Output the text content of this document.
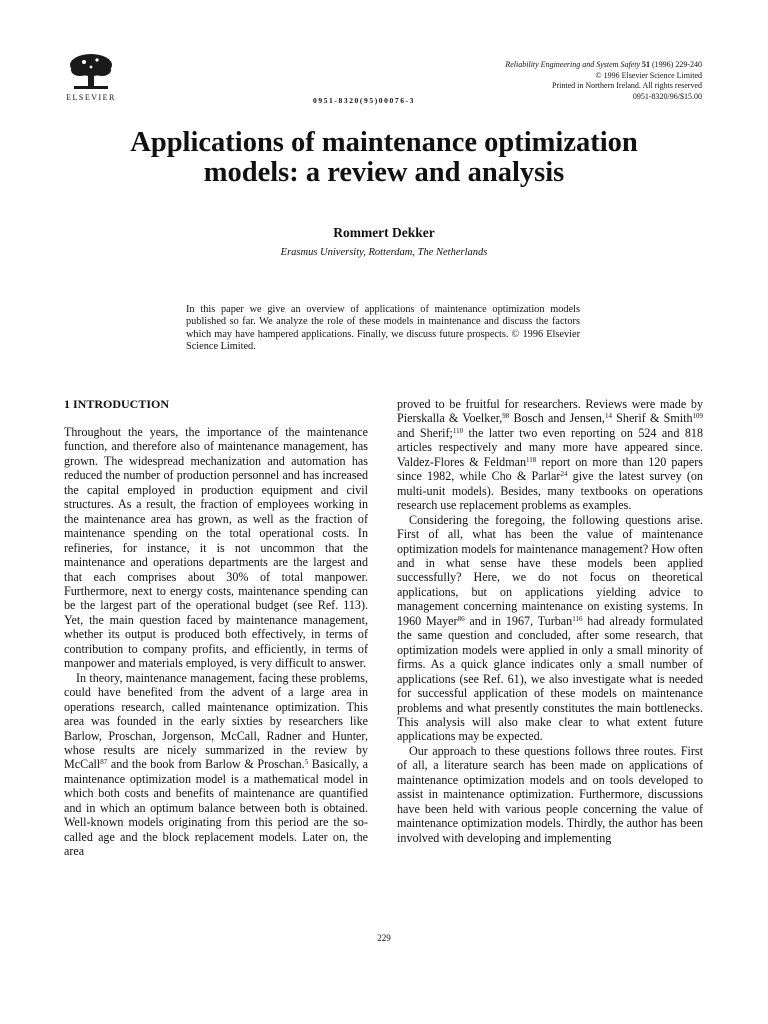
ELSEVIER	0951-8320(95)00076-3
Reliability Engineering and System Safety 51 (1996) 229-240
© 1996 Elsevier Science Limited
Printed in Northern Ireland. All rights reserved
0951-8320/96/$15.00
Applications of maintenance optimization
models: a review and analysis
Rommert Dekker
Erasmus University, Rotterdam, The Netherlands
In this paper we give an overview of applications of maintenance optimization models published so far. We analyze the role of these models in maintenance and discuss the factors which may have hampered applications. Finally, we discuss future prospects. © 1996 Elsevier Science Limited.
1 INTRODUCTION

Throughout the years, the importance of the maintenance function, and therefore also of maintenance management, has grown. The widespread mechanization and automation has reduced the number of production personnel and has increased the capital employed in production equipment and civil structures. As a result, the fraction of employees working in the maintenance area has grown, as well as the fraction of maintenance spending on the total operational costs. In refineries, for instance, it is not uncommon that the maintenance and operations departments are the largest and that each comprises about 30% of total manpower. Furthermore, next to energy costs, maintenance spending can be the largest part of the operational budget (see Ref. 113). Yet, the main question faced by maintenance management, whether its output is produced both effectively, in terms of contribution to company profits, and efficiently, in terms of manpower and materials employed, is very difficult to answer.

In theory, maintenance management, facing these problems, could have benefited from the advent of a large area in operations research, called maintenance optimization. This area was founded in the early sixties by researchers like Barlow, Proschan, Jorgenson, McCall, Radner and Hunter, whose results are nicely summarized in the review by McCall$^{87}$ and the book from Barlow & Proschan.$^5$ Basically, a maintenance optimization model is a mathematical model in which both costs and benefits of maintenance are quantified and in which an optimum balance between both is obtained. Well-known models originating from this period are the so-called age and the block replacement models. Later on, the area

proved to be fruitful for researchers. Reviews were made by Pierskalla & Voelker,$^{98}$ Bosch and Jensen,$^{14}$ Sherif & Smith$^{109}$ and Sherif;$^{110}$ the latter two even reporting on 524 and 818 articles respectively and many more have appeared since. Valdez-Flores & Feldman$^{118}$ report on more than 120 papers since 1982, while Cho & Parlar$^{24}$ give the latest survey (on multi-unit models). Besides, many textbooks on operations research use replacement problems as examples.

Considering the foregoing, the following questions arise. First of all, what has been the value of maintenance optimization models for maintenance management? How often and in what sense have these models been applied successfully? Here, we do not focus on theoretical applications, but on applications yielding advice to management concerning maintenance on existing systems. In 1960 Mayer$^{86}$ and in 1967, Turban$^{116}$ had already formulated the same question and concluded, after some research, that optimization models were applied in only a small minority of firms. As a quick glance indicates only a small number of applications (see Ref. 61), we also investigate what is needed for successful application of these models on maintenance problems and what presently constitutes the main bottlenecks. This analysis will also make clear to what extent future applications may be expected.

Our approach to these questions follows three routes. First of all, a literature search has been made on applications of maintenance optimization models and on tools developed to assist in maintenance optimization. Furthermore, discussions have been held with various people concerning the value of maintenance optimization models. Thirdly, the author has been involved with developing and implementing

229
